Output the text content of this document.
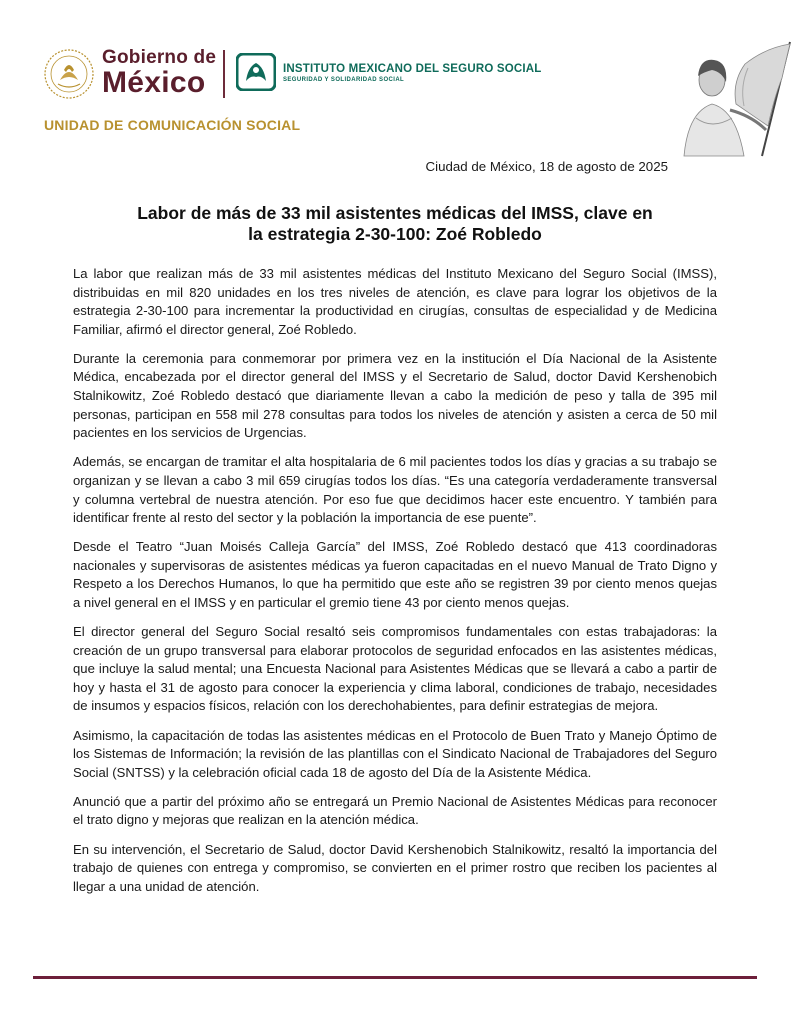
Gobierno de
México	INSTITUTO MEXICANO DEL SEGURO SOCIAL
SEGURIDAD Y SOLIDARIDAD SOCIAL
UNIDAD DE COMUNICACIÓN SOCIAL
Ciudad de México, 18 de agosto de 2025
Labor de más de 33 mil asistentes médicas del IMSS, clave en
la estrategia 2-30-100: Zoé Robledo

La labor que realizan más de 33 mil asistentes médicas del Instituto Mexicano del Seguro Social (IMSS), distribuidas en mil 820 unidades en los tres niveles de atención, es clave para lograr los objetivos de la estrategia 2-30-100 para incrementar la productividad en cirugías, consultas de especialidad y de Medicina Familiar, afirmó el director general, Zoé Robledo.

Durante la ceremonia para conmemorar por primera vez en la institución el Día Nacional de la Asistente Médica, encabezada por el director general del IMSS y el Secretario de Salud, doctor David Kershenobich Stalnikowitz, Zoé Robledo destacó que diariamente llevan a cabo la medición de peso y talla de 395 mil personas, participan en 558 mil 278 consultas para todos los niveles de atención y asisten a cerca de 50 mil pacientes en los servicios de Urgencias.

Además, se encargan de tramitar el alta hospitalaria de 6 mil pacientes todos los días y gracias a su trabajo se organizan y se llevan a cabo 3 mil 659 cirugías todos los días. “Es una categoría verdaderamente transversal y columna vertebral de nuestra atención. Por eso fue que decidimos hacer este encuentro. Y también para identificar frente al resto del sector y la población la importancia de ese puente”.

Desde el Teatro “Juan Moisés Calleja García” del IMSS, Zoé Robledo destacó que 413 coordinadoras nacionales y supervisoras de asistentes médicas ya fueron capacitadas en el nuevo Manual de Trato Digno y Respeto a los Derechos Humanos, lo que ha permitido que este año se registren 39 por ciento menos quejas a nivel general en el IMSS y en particular el gremio tiene 43 por ciento menos quejas.

El director general del Seguro Social resaltó seis compromisos fundamentales con estas trabajadoras: la creación de un grupo transversal para elaborar protocolos de seguridad enfocados en las asistentes médicas, que incluye la salud mental; una Encuesta Nacional para Asistentes Médicas que se llevará a cabo a partir de hoy y hasta el 31 de agosto para conocer la experiencia y clima laboral, condiciones de trabajo, necesidades de insumos y espacios físicos, relación con los derechohabientes, para definir estrategias de mejora.

Asimismo, la capacitación de todas las asistentes médicas en el Protocolo de Buen Trato y Manejo Óptimo de los Sistemas de Información; la revisión de las plantillas con el Sindicato Nacional de Trabajadores del Seguro Social (SNTSS) y la celebración oficial cada 18 de agosto del Día de la Asistente Médica.

Anunció que a partir del próximo año se entregará un Premio Nacional de Asistentes Médicas para reconocer el trato digno y mejoras que realizan en la atención médica.

En su intervención, el Secretario de Salud, doctor David Kershenobich Stalnikowitz, resaltó la importancia del trabajo de quienes con entrega y compromiso, se convierten en el primer rostro que reciben los pacientes al llegar a una unidad de atención.
